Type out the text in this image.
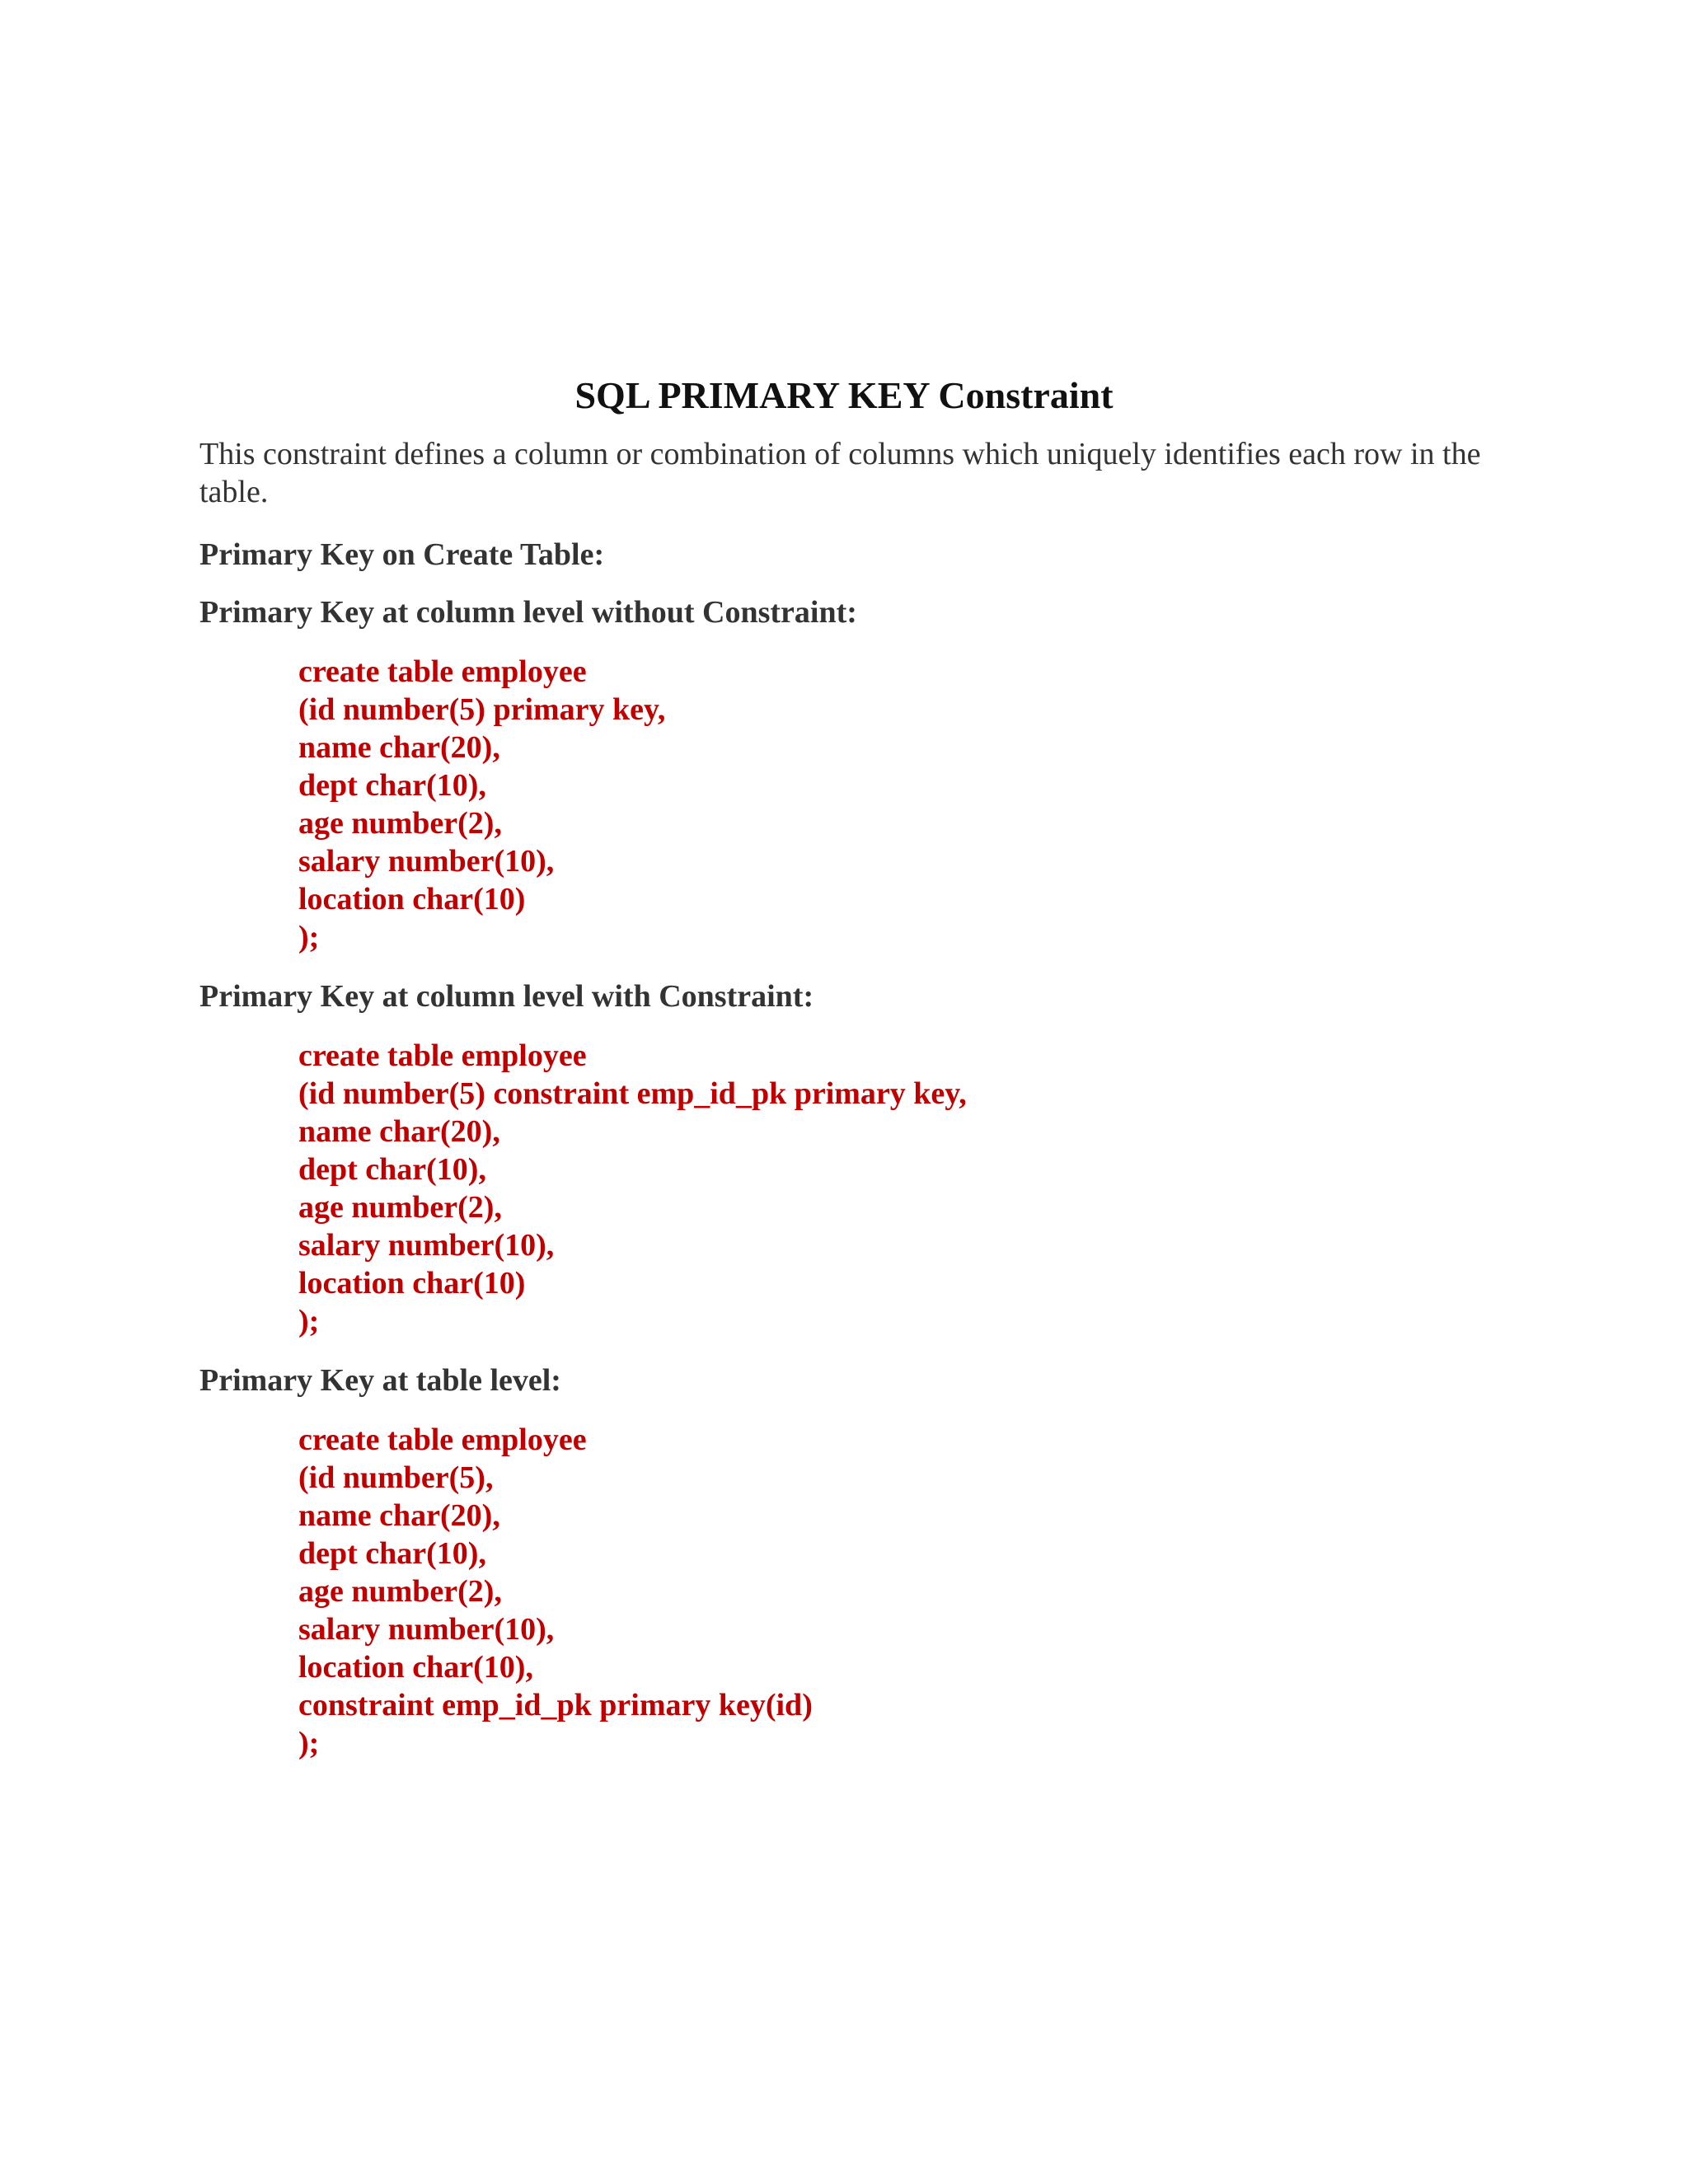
SQL PRIMARY KEY Constraint

This constraint defines a column or combination of columns which uniquely identifies each row in the table.

Primary Key on Create Table:

Primary Key at column level without Constraint:

create table employee
(id number(5) primary key,
name char(20),
dept char(10),
age number(2),
salary number(10),
location char(10)
);

Primary Key at column level with Constraint:

create table employee
(id number(5) constraint emp_id_pk primary key,
name char(20),
dept char(10),
age number(2),
salary number(10),
location char(10)
);

Primary Key at table level:

create table employee
(id number(5),
name char(20),
dept char(10),
age number(2),
salary number(10),
location char(10),
constraint emp_id_pk primary key(id)
);
